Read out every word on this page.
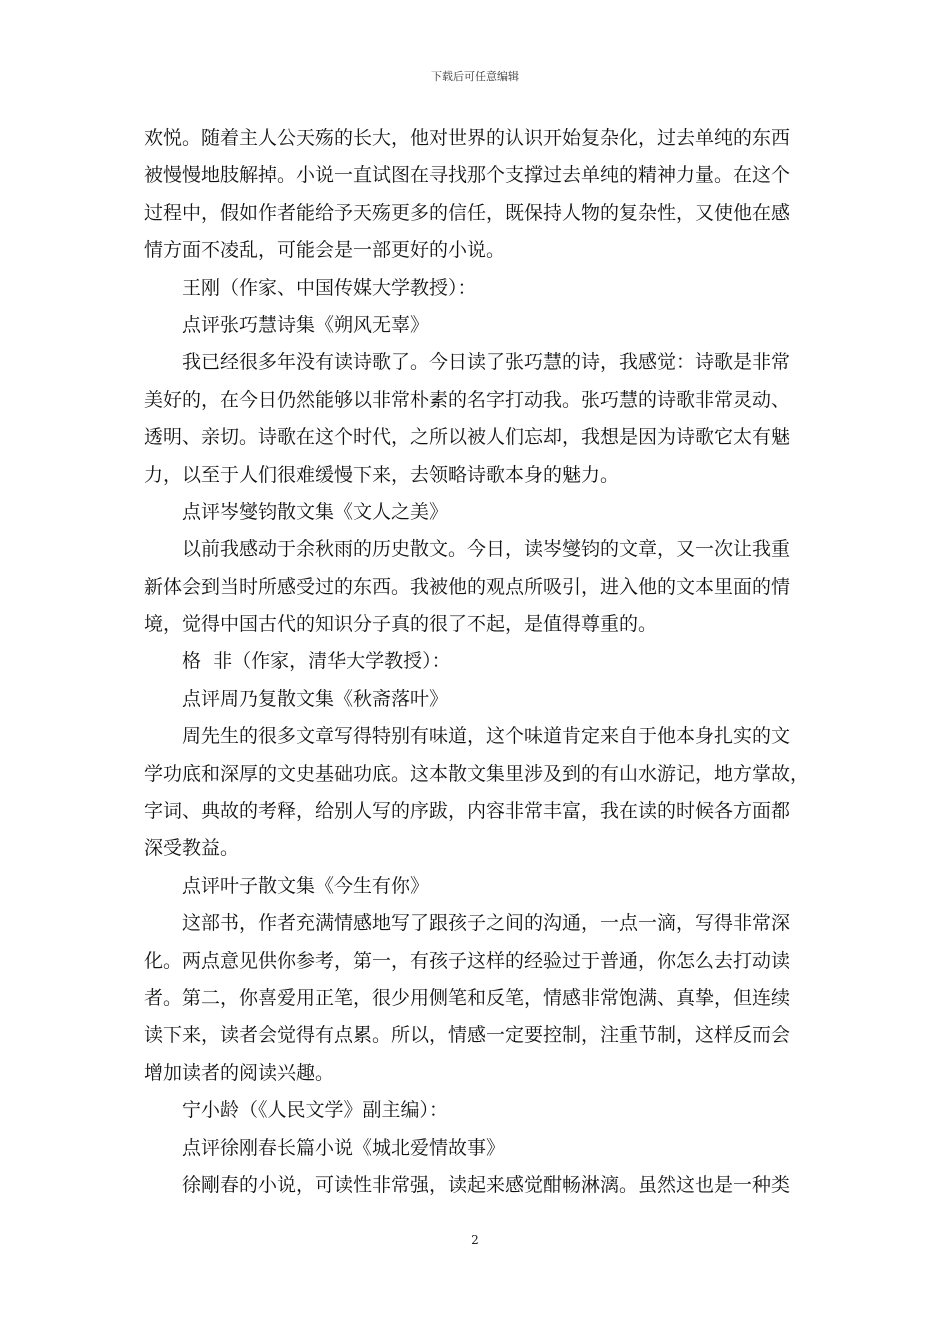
下载后可任意编辑
欢悦。随着主人公天殇的长大，他对世界的认识开始复杂化，过去单纯的东西
被慢慢地肢解掉。小说一直试图在寻找那个支撑过去单纯的精神力量。在这个
过程中，假如作者能给予天殇更多的信任，既保持人物的复杂性，又使他在感
情方面不凌乱，可能会是一部更好的小说。
王刚（作家、中国传媒大学教授）：
点评张巧慧诗集《朔风无辜》
我已经很多年没有读诗歌了。今日读了张巧慧的诗，我感觉：诗歌是非常
美好的，在今日仍然能够以非常朴素的名字打动我。张巧慧的诗歌非常灵动、
透明、亲切。诗歌在这个时代，之所以被人们忘却，我想是因为诗歌它太有魅
力，以至于人们很难缓慢下来，去领略诗歌本身的魅力。
点评岑燮钧散文集《文人之美》
以前我感动于余秋雨的历史散文。今日，读岑燮钧的文章，又一次让我重
新体会到当时所感受过的东西。我被他的观点所吸引，进入他的文本里面的情
境，觉得中国古代的知识分子真的很了不起，是值得尊重的。
格  非（作家，清华大学教授）：
点评周乃复散文集《秋斋落叶》
周先生的很多文章写得特别有味道，这个味道肯定来自于他本身扎实的文
学功底和深厚的文史基础功底。这本散文集里涉及到的有山水游记，地方掌故，
字词、典故的考释，给别人写的序跋，内容非常丰富，我在读的时候各方面都
深受教益。
点评叶子散文集《今生有你》
这部书，作者充满情感地写了跟孩子之间的沟通，一点一滴，写得非常深
化。两点意见供你参考，第一，有孩子这样的经验过于普通，你怎么去打动读
者。第二，你喜爱用正笔，很少用侧笔和反笔，情感非常饱满、真挚，但连续
读下来，读者会觉得有点累。所以，情感一定要控制，注重节制，这样反而会
增加读者的阅读兴趣。
宁小龄（《人民文学》副主编）：
点评徐刚春长篇小说《城北爱情故事》
徐剛春的小说，可读性非常强，读起来感觉酣畅淋漓。虽然这也是一种类
2
